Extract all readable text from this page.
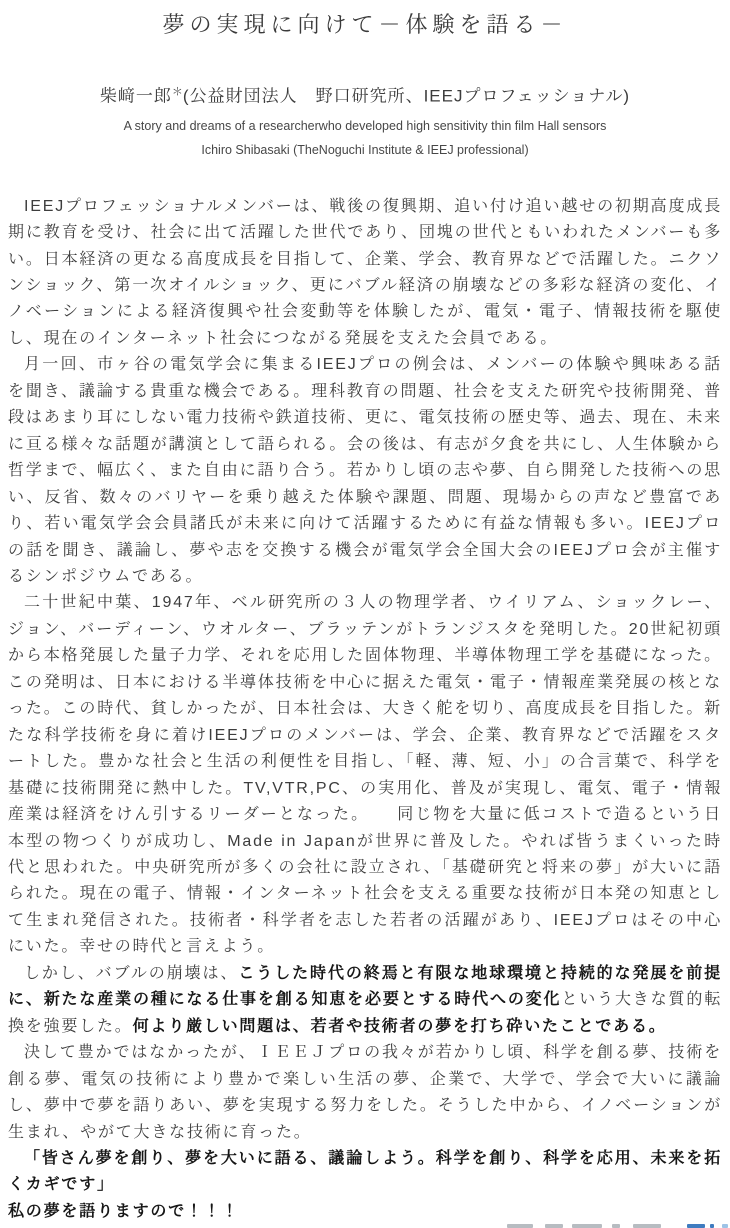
夢の実現に向けて－体験を語る－
柴﨑一郎＊(公益財団法人　野口研究所、IEEJプロフェッショナル)
A story and dreams of a researcherwho developed high sensitivity thin film Hall sensors
Ichiro Shibasaki (TheNoguchi Institute & IEEJ professional)

IEEJプロフェッショナルメンバーは、戦後の復興期、追い付け追い越せの初期高度成長期に教育を受け、社会に出て活躍した世代であり、団塊の世代ともいわれたメンバーも多い。日本経済の更なる高度成長を目指して、企業、学会、教育界などで活躍した。ニクソンショック、第一次オイルショック、更にバブル経済の崩壊などの多彩な経済の変化、イノベーションによる経済復興や社会変動等を体験したが、電気・電子、情報技術を駆使し、現在のインターネット社会につながる発展を支えた会員である。

月一回、市ヶ谷の電気学会に集まるIEEJプロの例会は、メンバーの体験や興味ある話を聞き、議論する貴重な機会である。理科教育の問題、社会を支えた研究や技術開発、普段はあまり耳にしない電力技術や鉄道技術、更に、電気技術の歴史等、過去、現在、未来に亘る様々な話題が講演として語られる。会の後は、有志が夕食を共にし、人生体験から哲学まで、幅広く、また自由に語り合う。若かりし頃の志や夢、自ら開発した技術への思い、反省、数々のバリヤーを乗り越えた体験や課題、問題、現場からの声など豊富であり、若い電気学会会員諸氏が未来に向けて活躍するために有益な情報も多い。IEEJプロの話を聞き、議論し、夢や志を交換する機会が電気学会全国大会のIEEJプロ会が主催するシンポジウムである。

二十世紀中葉、1947年、ベル研究所の３人の物理学者、ウイリアム、ショックレー、ジョン、バーディーン、ウオルター、ブラッテンがトランジスタを発明した。20世紀初頭から本格発展した量子力学、それを応用した固体物理、半導体物理工学を基礎になった。この発明は、日本における半導体技術を中心に据えた電気・電子・情報産業発展の核となった。この時代、貧しかったが、日本社会は、大きく舵を切り、高度成長を目指した。新たな科学技術を身に着けIEEJプロのメンバーは、学会、企業、教育界などで活躍をスタートした。豊かな社会と生活の利便性を目指し、「軽、薄、短、小」の合言葉で、科学を基礎に技術開発に熱中した。TV,VTR,PC、の実用化、普及が実現し、電気、電子・情報産業は経済をけん引するリーダーとなった。　　同じ物を大量に低コストで造るという日本型の物つくりが成功し、Made in Japanが世界に普及した。やれば皆うまくいった時代と思われた。中央研究所が多くの会社に設立され、「基礎研究と将来の夢」が大いに語られた。現在の電子、情報・インターネット社会を支える重要な技術が日本発の知恵として生まれ発信された。技術者・科学者を志した若者の活躍があり、IEEJプロはその中心にいた。幸せの時代と言えよう。

しかし、バブルの崩壊は、こうした時代の終焉と有限な地球環境と持続的な発展を前提に、新たな産業の種になる仕事を創る知恵を必要とする時代への変化という大きな質的転換を強要した。何より厳しい問題は、若者や技術者の夢を打ち砕いたことである。

決して豊かではなかったが、ＩＥＥＪプロの我々が若かりし頃、科学を創る夢、技術を創る夢、電気の技術により豊かで楽しい生活の夢、企業で、大学で、学会で大いに議論し、夢中で夢を語りあい、夢を実現する努力をした。そうした中から、イノベーションが生まれ、やがて大きな技術に育った。

「皆さん夢を創り、夢を大いに語る、議論しよう。科学を創り、科学を応用、未来を拓くカギです」

私の夢を語りますので！！！
